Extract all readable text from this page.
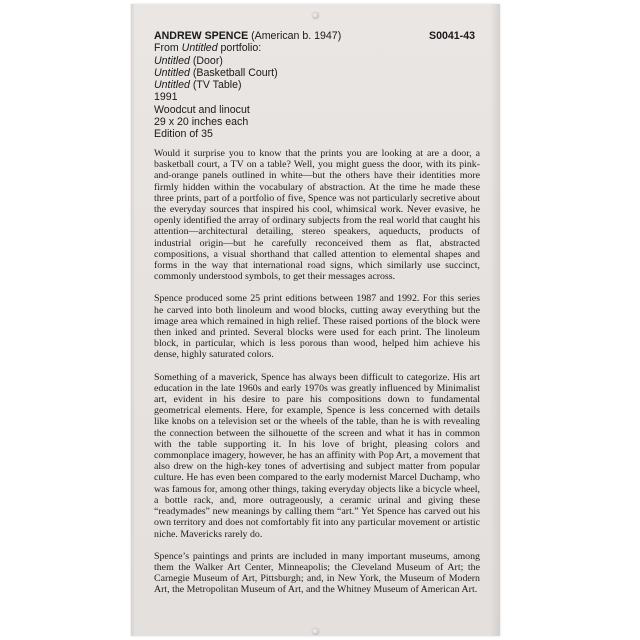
ANDREW SPENCE (American b. 1947)	S0041-43
From Untitled portfolio:
Untitled (Door)
Untitled (Basketball Court)
Untitled (TV Table)
1991
Woodcut and linocut
29 x 20 inches each
Edition of 35

Would it surprise you to know that the prints you are looking at are a door, a basketball court, a TV on a table? Well, you might guess the door, with its pink-and-orange panels outlined in white—but the others have their identities more firmly hidden within the vocabulary of abstraction. At the time he made these three prints, part of a portfolio of five, Spence was not particularly secretive about the everyday sources that inspired his cool, whimsical work. Never evasive, he openly identified the array of ordinary subjects from the real world that caught his attention—architectural detailing, stereo speakers, aqueducts, products of industrial origin—but he carefully reconceived them as flat, abstracted compositions, a visual shorthand that called attention to elemental shapes and forms in the way that international road signs, which similarly use succinct, commonly understood symbols, to get their messages across.

Spence produced some 25 print editions between 1987 and 1992. For this series he carved into both linoleum and wood blocks, cutting away everything but the image area which remained in high relief. These raised portions of the block were then inked and printed. Several blocks were used for each print. The linoleum block, in particular, which is less porous than wood, helped him achieve his dense, highly saturated colors.

Something of a maverick, Spence has always been difficult to categorize. His art education in the late 1960s and early 1970s was greatly influenced by Minimalist art, evident in his desire to pare his compositions down to fundamental geometrical elements. Here, for example, Spence is less concerned with details like knobs on a television set or the wheels of the table, than he is with revealing the connection between the silhouette of the screen and what it has in common with the table supporting it. In his love of bright, pleasing colors and commonplace imagery, however, he has an affinity with Pop Art, a movement that also drew on the high-key tones of advertising and subject matter from popular culture. He has even been compared to the early modernist Marcel Duchamp, who was famous for, among other things, taking everyday objects like a bicycle wheel, a bottle rack, and, more outrageously, a ceramic urinal and giving these “readymades” new meanings by calling them “art.” Yet Spence has carved out his own territory and does not comfortably fit into any particular movement or artistic niche. Mavericks rarely do.

Spence’s paintings and prints are included in many important museums, among them the Walker Art Center, Minneapolis; the Cleveland Museum of Art; the Carnegie Museum of Art, Pittsburgh; and, in New York, the Museum of Modern Art, the Metropolitan Museum of Art, and the Whitney Museum of American Art.
